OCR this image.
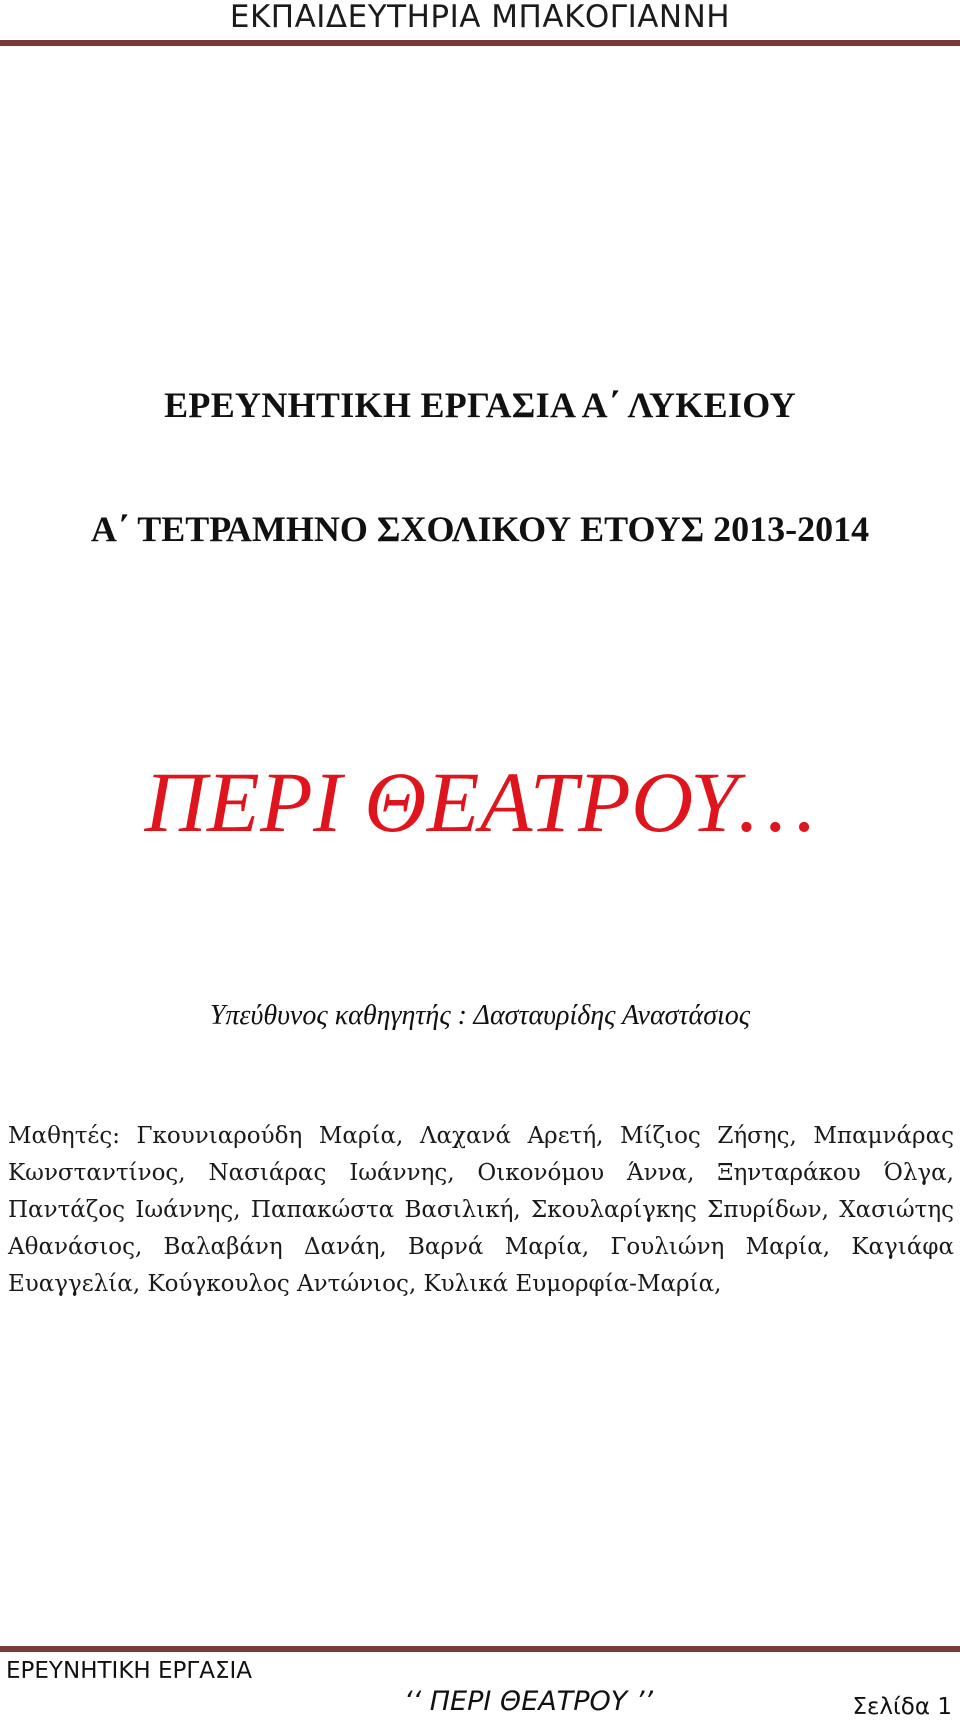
ΕΚΠΑΙΔΕΥΤΗΡΙΑ ΜΠΑΚΟΓΙΑΝΝΗ
ΕΡΕΥΝΗΤΙΚΗ ΕΡΓΑΣΙΑ Α΄ ΛΥΚΕΙΟΥ
Α΄ ΤΕΤΡΑΜΗΝΟ ΣΧΟΛΙΚΟΥ ΕΤΟΥΣ 2013-2014
ΠΕΡΙ ΘΕΑΤΡΟΥ…
Υπεύθυνος καθηγητής : Δασταυρίδης Αναστάσιος
Μαθητές: Γκουνιαρούδη Μαρία, Λαχανά Αρετή, Μίζιος Ζήσης, Μπαμνάρας Κωνσταντίνος, Νασιάρας Ιωάννης, Οικονόμου Άννα, Ξηνταράκου Όλγα, Παντάζος Ιωάννης, Παπακώστα Βασιλική, Σκουλαρίγκης Σπυρίδων, Χασιώτης Αθανάσιος, Βαλαβάνη Δανάη, Βαρνά Μαρία, Γουλιώνη Μαρία, Καγιάφα Ευαγγελία, Κούγκουλος Αντώνιος, Κυλικά Ευμορφία-Μαρία,
ΕΡΕΥΝΗΤΙΚΗ ΕΡΓΑΣΙΑ
‘‘ ΠΕΡΙ ΘΕΑΤΡΟΥ ’’	Σελίδα 1
